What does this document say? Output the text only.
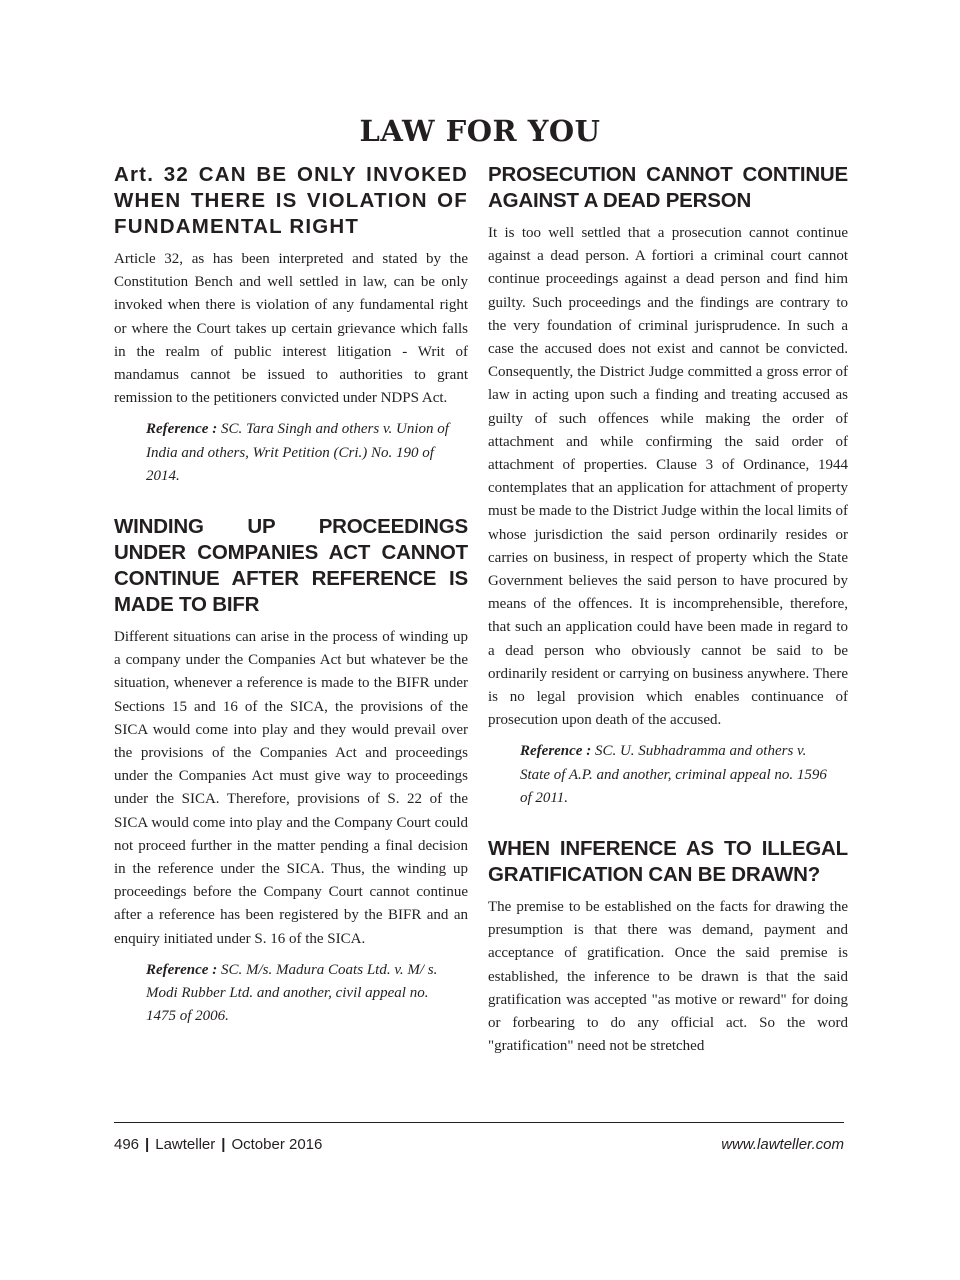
LAW FOR YOU
Art. 32 CAN BE ONLY INVOKED WHEN THERE IS VIOLATION OF FUNDAMENTAL RIGHT

Article 32, as has been interpreted and stated by the Constitution Bench and well settled in law, can be only invoked when there is violation of any fundamental right or where the Court takes up certain grievance which falls in the realm of public interest litigation - Writ of mandamus cannot be issued to authorities to grant remission to the petitioners convicted under NDPS Act.

Reference : SC. Tara Singh and others v. Union of India and others, Writ Petition (Cri.) No. 190 of 2014.

WINDING UP PROCEEDINGS UNDER COMPANIES ACT CANNOT CONTINUE AFTER REFERENCE IS MADE TO BIFR

Different situations can arise in the process of winding up a company under the Companies Act but whatever be the situation, whenever a reference is made to the BIFR under Sections 15 and 16 of the SICA, the provisions of the SICA would come into play and they would prevail over the provisions of the Companies Act and proceedings under the Companies Act must give way to proceedings under the SICA. Therefore, provisions of S. 22 of the SICA would come into play and the Company Court could not proceed further in the matter pending a final decision in the reference under the SICA. Thus, the winding up proceedings before the Company Court cannot continue after a reference has been registered by the BIFR and an enquiry initiated under S. 16 of the SICA.

Reference : SC. M/s. Madura Coats Ltd. v. M/ s. Modi Rubber Ltd. and another, civil appeal no. 1475 of 2006.

PROSECUTION CANNOT CONTINUE AGAINST A DEAD PERSON

It is too well settled that a prosecution cannot continue against a dead person. A fortiori a criminal court cannot continue proceedings against a dead person and find him guilty. Such proceedings and the findings are contrary to the very foundation of criminal jurisprudence. In such a case the accused does not exist and cannot be convicted. Consequently, the District Judge committed a gross error of law in acting upon such a finding and treating accused as guilty of such offences while making the order of attachment and while confirming the said order of attachment of properties. Clause 3 of Ordinance, 1944 contemplates that an application for attachment of property must be made to the District Judge within the local limits of whose jurisdiction the said person ordinarily resides or carries on business, in respect of property which the State Government believes the said person to have procured by means of the offences. It is incomprehensible, therefore, that such an application could have been made in regard to a dead person who obviously cannot be said to be ordinarily resident or carrying on business anywhere. There is no legal provision which enables continuance of prosecution upon death of the accused.

Reference : SC. U. Subhadramma and others v. State of A.P. and another, criminal appeal no. 1596 of 2011.

WHEN INFERENCE AS TO ILLEGAL GRATIFICATION CAN BE DRAWN?

The premise to be established on the facts for drawing the presumption is that there was demand, payment and acceptance of gratification. Once the said premise is established, the inference to be drawn is that the said gratification was accepted "as motive or reward" for doing or forbearing to do any official act. So the word "gratification" need not be stretched

496 | Lawteller | October 2016	www.lawteller.com
